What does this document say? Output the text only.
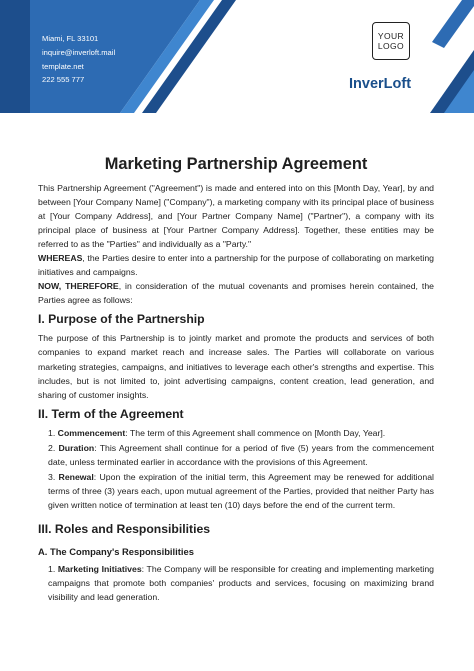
Miami, FL 33101
inquire@inverloft.mail
template.net
222 555 777
YOUR
LOGO
InverLoft
Marketing Partnership Agreement

This Partnership Agreement ("Agreement") is made and entered into on this [Month Day, Year], by and between [Your Company Name] ("Company"), a marketing company with its principal place of business at [Your Company Address], and [Your Partner Company Name] ("Partner"), a company with its principal place of business at [Your Partner Company Address]. Together, these entities may be referred to as the "Parties" and individually as a "Party."

WHEREAS, the Parties desire to enter into a partnership for the purpose of collaborating on marketing initiatives and campaigns.

NOW, THEREFORE, in consideration of the mutual covenants and promises herein contained, the Parties agree as follows:

I. Purpose of the Partnership

The purpose of this Partnership is to jointly market and promote the products and services of both companies to expand market reach and increase sales. The Parties will collaborate on various marketing strategies, campaigns, and initiatives to leverage each other's strengths and expertise. This includes, but is not limited to, joint advertising campaigns, content creation, lead generation, and sharing of customer insights.

II. Term of the Agreement
1. Commencement: The term of this Agreement shall commence on [Month Day, Year].
2. Duration: This Agreement shall continue for a period of five (5) years from the commencement date, unless terminated earlier in accordance with the provisions of this Agreement.
3. Renewal: Upon the expiration of the initial term, this Agreement may be renewed for additional terms of three (3) years each, upon mutual agreement of the Parties, provided that neither Party has given written notice of termination at least ten (10) days before the end of the current term.
III. Roles and Responsibilities
A. The Company's Responsibilities
1. Marketing Initiatives: The Company will be responsible for creating and implementing marketing campaigns that promote both companies' products and services, focusing on maximizing brand visibility and lead generation.
